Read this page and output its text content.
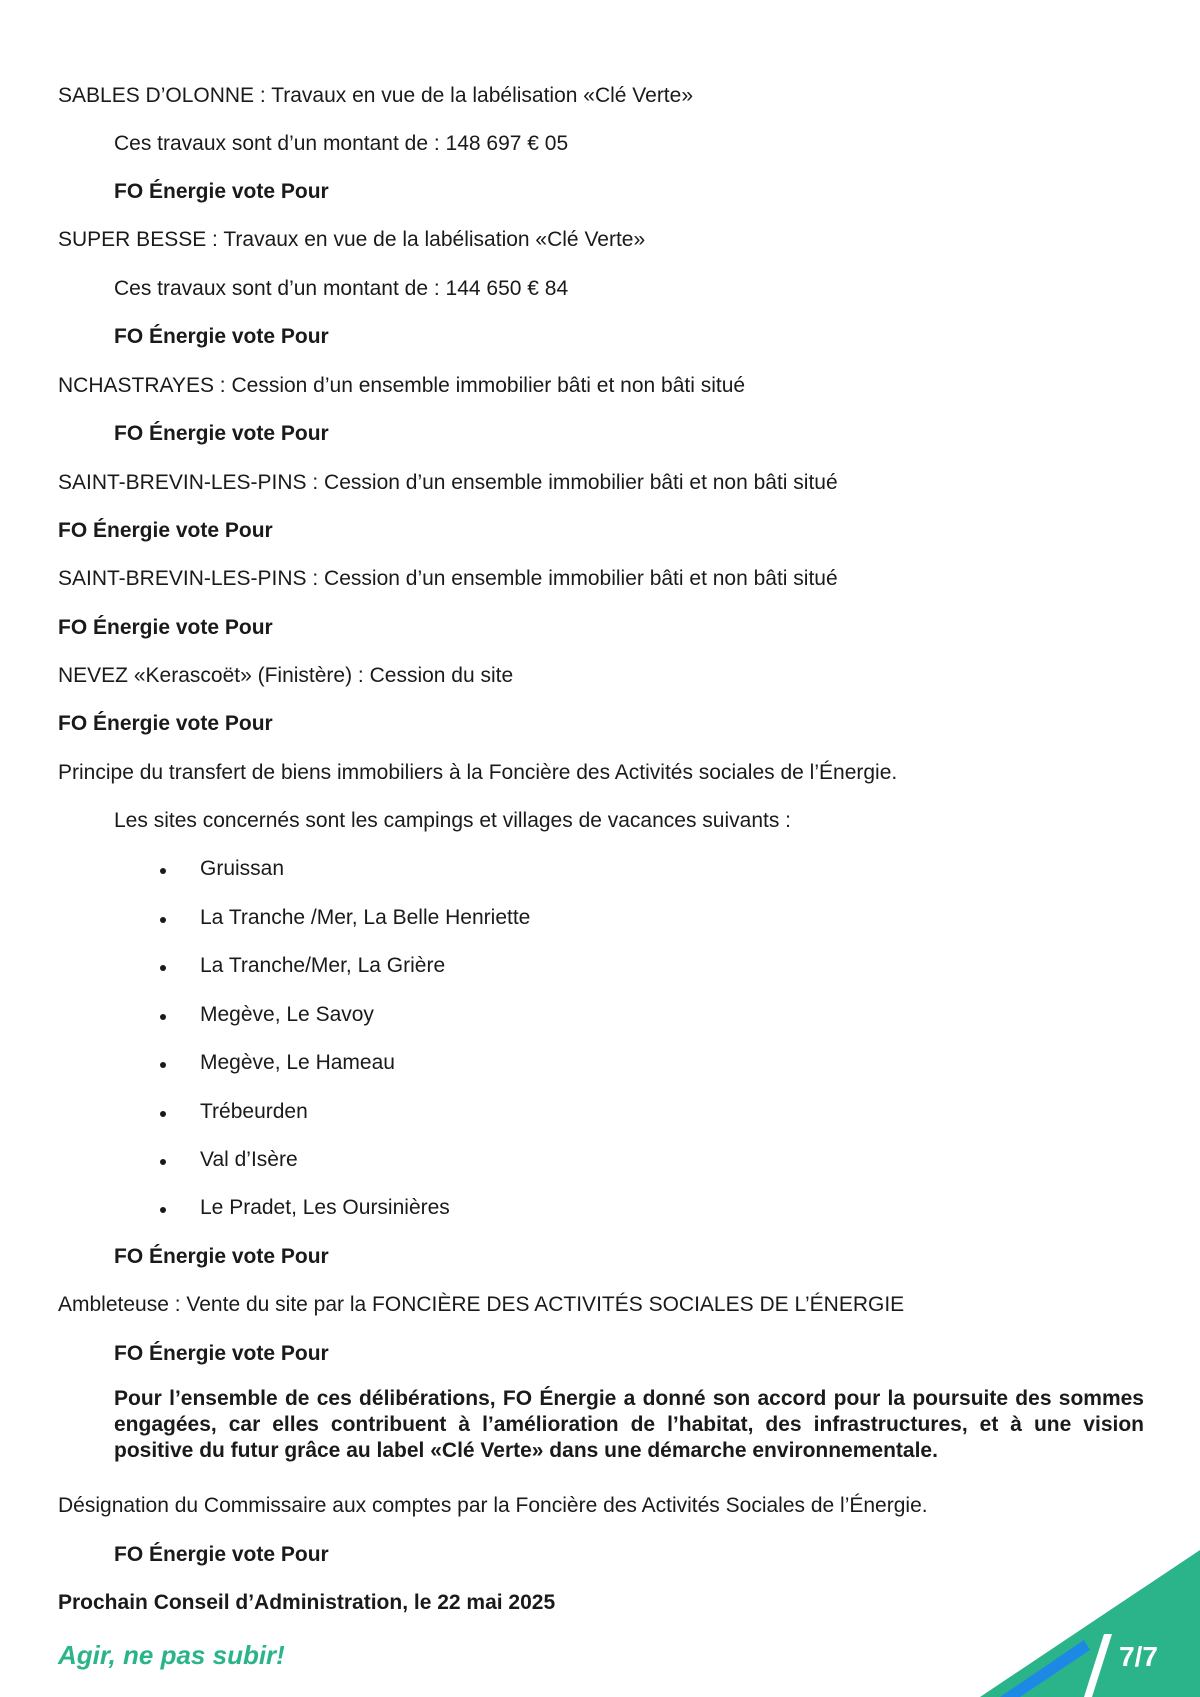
SABLES D’OLONNE : Travaux en vue de la labélisation «Clé Verte»

Ces travaux sont d’un montant de : 148 697 € 05

FO Énergie vote Pour

SUPER BESSE : Travaux en vue de la labélisation «Clé Verte»

Ces travaux sont d’un montant de : 144 650 € 84

FO Énergie vote Pour

NCHASTRAYES : Cession d’un ensemble immobilier bâti et non bâti situé

FO Énergie vote Pour

SAINT-BREVIN-LES-PINS : Cession d’un ensemble immobilier bâti et non bâti situé

FO Énergie vote Pour

SAINT-BREVIN-LES-PINS : Cession d’un ensemble immobilier bâti et non bâti situé

FO Énergie vote Pour

NEVEZ «Kerascoët» (Finistère) : Cession du site

FO Énergie vote Pour

Principe du transfert de biens immobiliers à la Foncière des Activités sociales de l’Énergie.

Les sites concernés sont les campings et villages de vacances suivants :

Gruissan

La Tranche /Mer, La Belle Henriette

La Tranche/Mer, La Grière

Megève, Le Savoy

Megève, Le Hameau

Trébeurden

Val d’Isère

Le Pradet, Les Oursinières

FO Énergie vote Pour

Ambleteuse : Vente du site par la FONCIÈRE DES ACTIVITÉS SOCIALES DE L’ÉNERGIE

FO Énergie vote Pour

Pour l’ensemble de ces délibérations, FO Énergie a donné son accord pour la poursuite des sommes engagées, car elles contribuent à l’amélioration de l’habitat, des infrastructures, et à une vision positive du futur grâce au label «Clé Verte» dans une démarche environnementale.

Désignation du Commissaire aux comptes par la Foncière des Activités Sociales de l’Énergie.

FO Énergie vote Pour

Prochain Conseil d’Administration, le 22 mai 2025

Agir, ne pas subir!	7/7
